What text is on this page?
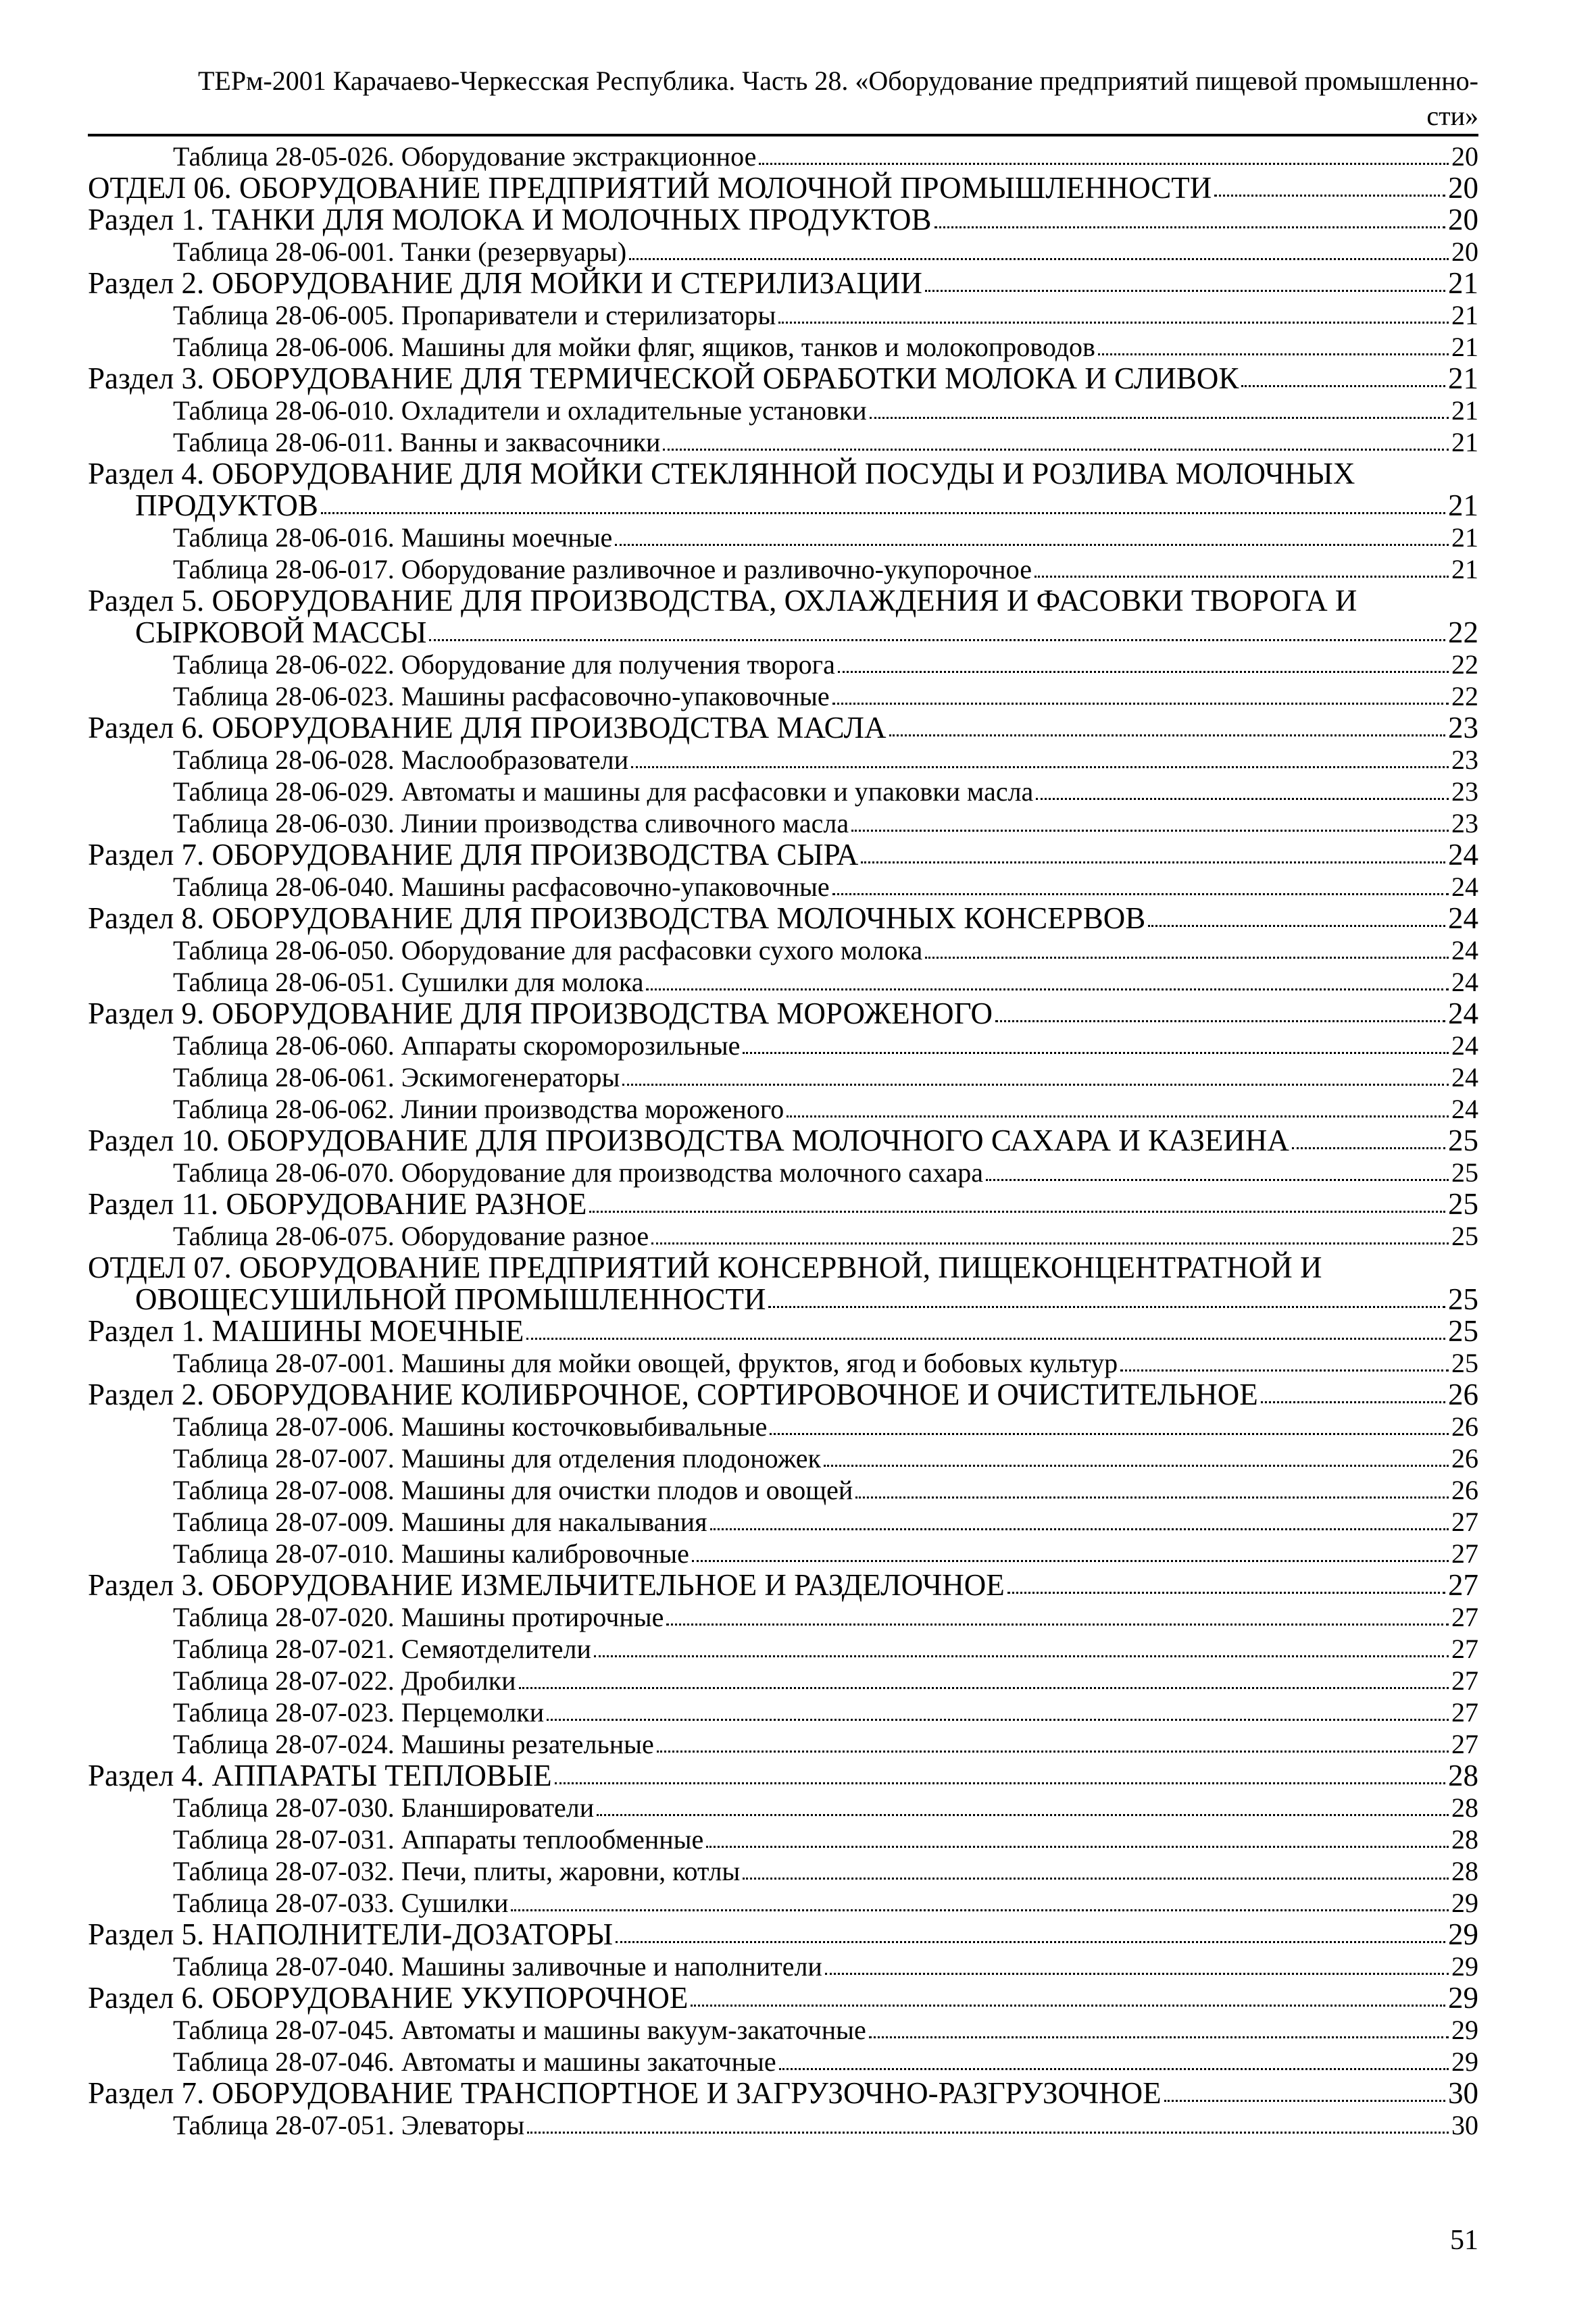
ТЕРм-2001 Карачаево-Черкесская Республика. Часть 28. «Оборудование предприятий пищевой промышленно-
сти»
Таблица 28-05-026. Оборудование экстракционное	20
ОТДЕЛ 06. ОБОРУДОВАНИЕ ПРЕДПРИЯТИЙ МОЛОЧНОЙ ПРОМЫШЛЕННОСТИ	20
Раздел 1. ТАНКИ ДЛЯ МОЛОКА И МОЛОЧНЫХ ПРОДУКТОВ	20
Таблица 28-06-001. Танки (резервуары)	20
Раздел 2. ОБОРУДОВАНИЕ ДЛЯ МОЙКИ И СТЕРИЛИЗАЦИИ	21
Таблица 28-06-005. Пропариватели и стерилизаторы	21
Таблица 28-06-006. Машины для мойки фляг, ящиков, танков и молокопроводов	21
Раздел 3. ОБОРУДОВАНИЕ ДЛЯ ТЕРМИЧЕСКОЙ ОБРАБОТКИ МОЛОКА И СЛИВОК	21
Таблица 28-06-010. Охладители и охладительные установки	21
Таблица 28-06-011. Ванны и заквасочники	21
Раздел 4. ОБОРУДОВАНИЕ ДЛЯ МОЙКИ СТЕКЛЯННОЙ ПОСУДЫ И РОЗЛИВА МОЛОЧНЫХ
ПРОДУКТОВ	21
Таблица 28-06-016. Машины моечные	21
Таблица 28-06-017. Оборудование разливочное и разливочно-укупорочное	21
Раздел 5. ОБОРУДОВАНИЕ ДЛЯ ПРОИЗВОДСТВА, ОХЛАЖДЕНИЯ И ФАСОВКИ ТВОРОГА И
СЫРКОВОЙ МАССЫ	22
Таблица 28-06-022. Оборудование для получения творога	22
Таблица 28-06-023. Машины расфасовочно-упаковочные	22
Раздел 6. ОБОРУДОВАНИЕ ДЛЯ ПРОИЗВОДСТВА МАСЛА	23
Таблица 28-06-028. Маслообразователи	23
Таблица 28-06-029. Автоматы и машины для расфасовки и упаковки масла	23
Таблица 28-06-030. Линии производства сливочного масла	23
Раздел 7. ОБОРУДОВАНИЕ ДЛЯ ПРОИЗВОДСТВА СЫРА	24
Таблица 28-06-040. Машины расфасовочно-упаковочные	24
Раздел 8. ОБОРУДОВАНИЕ ДЛЯ ПРОИЗВОДСТВА МОЛОЧНЫХ КОНСЕРВОВ	24
Таблица 28-06-050. Оборудование для расфасовки сухого молока	24
Таблица 28-06-051. Сушилки для молока	24
Раздел 9. ОБОРУДОВАНИЕ ДЛЯ ПРОИЗВОДСТВА МОРОЖЕНОГО	24
Таблица 28-06-060. Аппараты скороморозильные	24
Таблица 28-06-061. Эскимогенераторы	24
Таблица 28-06-062. Линии производства мороженого	24
Раздел 10. ОБОРУДОВАНИЕ ДЛЯ ПРОИЗВОДСТВА МОЛОЧНОГО САХАРА И КАЗЕИНА	25
Таблица 28-06-070. Оборудование для производства молочного сахара	25
Раздел 11. ОБОРУДОВАНИЕ РАЗНОЕ	25
Таблица 28-06-075. Оборудование разное	25
ОТДЕЛ 07. ОБОРУДОВАНИЕ ПРЕДПРИЯТИЙ КОНСЕРВНОЙ, ПИЩЕКОНЦЕНТРАТНОЙ И
ОВОЩЕСУШИЛЬНОЙ ПРОМЫШЛЕННОСТИ	25
Раздел 1. МАШИНЫ МОЕЧНЫЕ	25
Таблица 28-07-001. Машины для мойки овощей, фруктов, ягод и бобовых культур	25
Раздел 2. ОБОРУДОВАНИЕ КОЛИБРОЧНОЕ, СОРТИРОВОЧНОЕ И ОЧИСТИТЕЛЬНОЕ	26
Таблица 28-07-006. Машины косточковыбивальные	26
Таблица 28-07-007. Машины для отделения плодоножек	26
Таблица 28-07-008. Машины для очистки плодов и овощей	26
Таблица 28-07-009. Машины для накалывания	27
Таблица 28-07-010. Машины калибровочные	27
Раздел 3. ОБОРУДОВАНИЕ ИЗМЕЛЬЧИТЕЛЬНОЕ И РАЗДЕЛОЧНОЕ	27
Таблица 28-07-020. Машины протирочные	27
Таблица 28-07-021. Семяотделители	27
Таблица 28-07-022. Дробилки	27
Таблица 28-07-023. Перцемолки	27
Таблица 28-07-024. Машины резательные	27
Раздел 4. АППАРАТЫ ТЕПЛОВЫЕ	28
Таблица 28-07-030. Бланширователи	28
Таблица 28-07-031. Аппараты теплообменные	28
Таблица 28-07-032. Печи, плиты, жаровни, котлы	28
Таблица 28-07-033. Сушилки	29
Раздел 5. НАПОЛНИТЕЛИ-ДОЗАТОРЫ	29
Таблица 28-07-040. Машины заливочные и наполнители	29
Раздел 6. ОБОРУДОВАНИЕ УКУПОРОЧНОЕ	29
Таблица 28-07-045. Автоматы и машины вакуум-закаточные	29
Таблица 28-07-046. Автоматы и машины закаточные	29
Раздел 7. ОБОРУДОВАНИЕ ТРАНСПОРТНОЕ И ЗАГРУЗОЧНО-РАЗГРУЗОЧНОЕ	30
Таблица 28-07-051. Элеваторы	30
51
